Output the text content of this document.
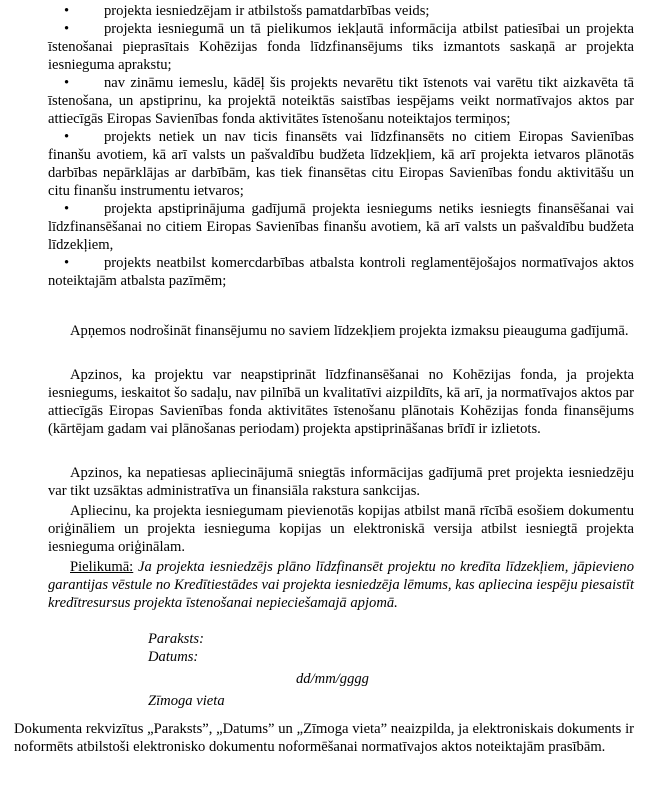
•	projekta iesniedzējam ir atbilstošs pamatdarbības veids;
•	projekta iesniegumā un tā pielikumos iekļautā informācija atbilst patiesībai un projekta īstenošanai pieprasītais Kohēzijas fonda līdzfinansējums tiks izmantots saskaņā ar projekta iesnieguma aprakstu;
•	nav zināmu iemeslu, kādēļ šis projekts nevarētu tikt īstenots vai varētu tikt aizkavēta tā īstenošana, un apstiprinu, ka projektā noteiktās saistības iespējams veikt normatīvajos aktos par attiecīgās Eiropas Savienības fonda aktivitātes īstenošanu noteiktajos termiņos;
•	projekts netiek un nav ticis finansēts vai līdzfinansēts no citiem Eiropas Savienības finanšu avotiem, kā arī valsts un pašvaldību budžeta līdzekļiem, kā arī projekta ietvaros plānotās darbības nepārklājas ar darbībām, kas tiek finansētas citu Eiropas Savienības fondu aktivitāšu un citu finanšu instrumentu ietvaros;
•	projekta apstiprinājuma gadījumā projekta iesniegums netiks iesniegts finansēšanai vai līdzfinansēšanai no citiem Eiropas Savienības finanšu avotiem, kā arī valsts un pašvaldību budžeta līdzekļiem,
•	projekts neatbilst komercdarbības atbalsta kontroli reglamentējošajos normatīvajos aktos noteiktajām atbalsta pazīmēm;

Apņemos nodrošināt finansējumu no saviem līdzekļiem projekta izmaksu pieauguma gadījumā.

Apzinos, ka projektu var neapstiprināt līdzfinansēšanai no Kohēzijas fonda, ja projekta iesniegums, ieskaitot šo sadaļu, nav pilnībā un kvalitatīvi aizpildīts, kā arī, ja normatīvajos aktos par attiecīgās Eiropas Savienības fonda aktivitātes īstenošanu plānotais Kohēzijas fonda finansējums (kārtējam gadam vai plānošanas periodam) projekta apstiprināšanas brīdī ir izlietots.

Apzinos, ka nepatiesas apliecinājumā sniegtās informācijas gadījumā pret projekta iesniedzēju var tikt uzsāktas administratīva un finansiāla rakstura sankcijas.

Apliecinu, ka projekta iesniegumam pievienotās kopijas atbilst manā rīcībā esošiem dokumentu oriģināliem un projekta iesnieguma kopijas un elektroniskā versija atbilst iesniegtā projekta iesnieguma oriģinālam.

Pielikumā: Ja projekta iesniedzējs plāno līdzfinansēt projektu no kredīta līdzekļiem, jāpievieno garantijas vēstule no Kredītiestādes vai projekta iesniedzēja lēmums, kas apliecina iespēju piesaistīt kredītresursus projekta īstenošanai nepieciešamajā apjomā.

Paraksts:

Datums:

dd/mm/gggg

Zīmoga vieta

Dokumenta rekvizītus „Paraksts”, „Datums” un „Zīmoga vieta” neaizpilda, ja elektroniskais dokuments ir noformēts atbilstoši elektronisko dokumentu noformēšanai normatīvajos aktos noteiktajām prasībām.
